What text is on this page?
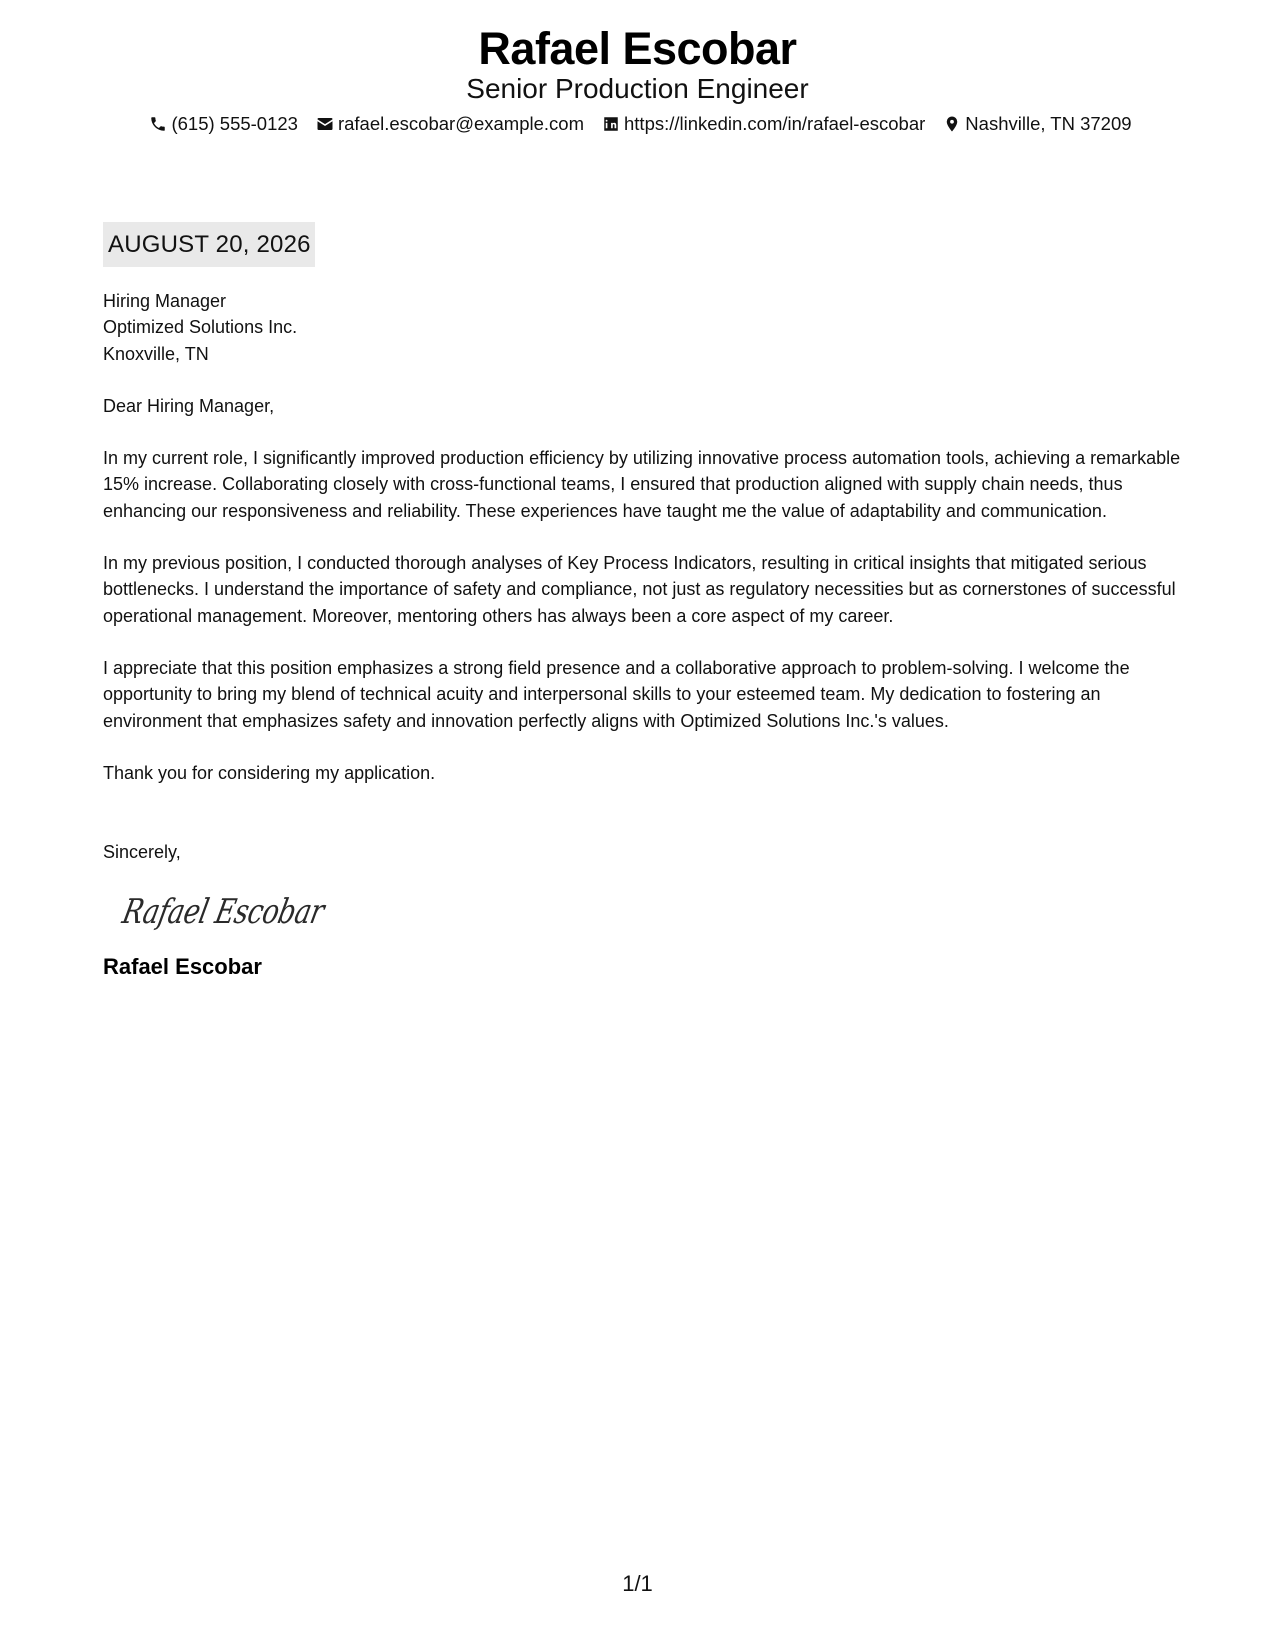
Rafael Escobar
Senior Production Engineer
(615) 555-0123 rafael.escobar@example.com https://linkedin.com/in/rafael-escobar Nashville, TN 37209
AUGUST 20, 2026
Hiring Manager
Optimized Solutions Inc.
Knoxville, TN
Dear Hiring Manager,
In my current role, I significantly improved production efficiency by utilizing innovative process automation tools, achieving a remarkable 15% increase. Collaborating closely with cross-functional teams, I ensured that production aligned with supply chain needs, thus enhancing our responsiveness and reliability. These experiences have taught me the value of adaptability and communication.
In my previous position, I conducted thorough analyses of Key Process Indicators, resulting in critical insights that mitigated serious bottlenecks. I understand the importance of safety and compliance, not just as regulatory necessities but as cornerstones of successful operational management. Moreover, mentoring others has always been a core aspect of my career.
I appreciate that this position emphasizes a strong field presence and a collaborative approach to problem-solving. I welcome the opportunity to bring my blend of technical acuity and interpersonal skills to your esteemed team. My dedication to fostering an environment that emphasizes safety and innovation perfectly aligns with Optimized Solutions Inc.'s values.
Thank you for considering my application.
Sincerely,
Rafael Escobar
Rafael Escobar
1/1
